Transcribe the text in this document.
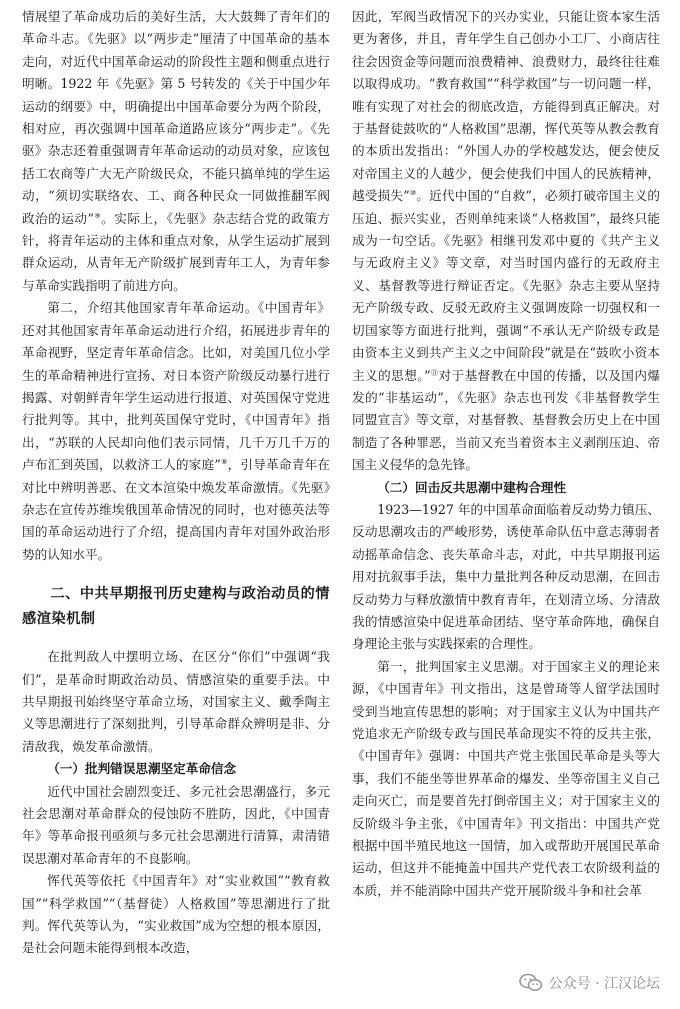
情展望了革命成功后的美好生活，大大鼓舞了青年们的革命斗志。《先驱》以“两步走”厘清了中国革命的基本走向，对近代中国革命运动的阶段性主题和侧重点进行明晰。1922 年《先驱》第 5 号转发的《关于中国少年运动的纲要》中，明确提出中国革命要分为两个阶段，相对应，再次强调中国革命道路应该分“两步走”。《先驱》杂志还着重强调青年革命运动的动员对象，应该包括工农商等广大无产阶级民众，不能只搞单纯的学生运动，“须切实联络农、工、商各种民众一同做推翻军阀政治的运动”⑨。实际上，《先驱》杂志结合党的政策方针，将青年运动的主体和重点对象，从学生运动扩展到群众运动，从青年无产阶级扩展到青年工人，为青年参与革命实践指明了前进方向。

第二，介绍其他国家青年革命运动。《中国青年》还对其他国家青年革命运动进行介绍，拓展进步青年的革命视野，坚定青年革命信念。比如，对美国几位小学生的革命精神进行宣扬、对日本资产阶级反动暴行进行揭露、对朝鲜青年学生运动进行报道、对英国保守党进行批判等。其中，批判英国保守党时，《中国青年》指出，“苏联的人民却向他们表示同情，几千万几千万的卢布汇到英国，以救济工人的家庭”⑧，引导革命青年在对比中辨明善恶、在文本渲染中焕发革命激情。《先驱》杂志在宣传苏维埃俄国革命情况的同时，也对德英法等国的革命运动进行了介绍，提高国内青年对国外政治形势的认知水平。

二、中共早期报刊历史建构与政治动员的情感渲染机制

在批判敌人中摆明立场、在区分“你们”中强调“我们”，是革命时期政治动员、情感渲染的重要手法。中共早期报刊始终坚守革命立场，对国家主义、戴季陶主义等思潮进行了深刻批判，引导革命群众辨明是非、分清敌我，焕发革命激情。

（一）批判错误思潮坚定革命信念

近代中国社会剧烈变迁、多元社会思潮盛行，多元社会思潮对革命群众的侵蚀防不胜防，因此，《中国青年》等革命报刊亟须与多元社会思潮进行清算，肃清错误思潮对革命青年的不良影响。

恽代英等依托《中国青年》对“实业救国”“教育救国”“科学救国”“（基督徒）人格救国”等思潮进行了批判。恽代英等认为，“实业救国”成为空想的根本原因，是社会问题未能得到根本改造，

因此，军阀当政情况下的兴办实业，只能让资本家生活更为奢侈，并且，青年学生自己创办小工厂、小商店往往会因资金等问题而浪费精神、浪费财力，最终往往难以取得成功。“教育救国”“科学救国”与一切问题一样，唯有实现了对社会的彻底改造，方能得到真正解决。对于基督徒鼓吹的“人格救国”思潮，恽代英等从教会教育的本质出发指出：“外国人办的学校越发达，便会使反对帝国主义的人越少，便会使我们中国人的民族精神，越受损失”⑩。近代中国的“自救”，必须打破帝国主义的压迫、振兴实业，否则单纯来谈“人格救国”，最终只能成为一句空话。《先驱》相继刊发邓中夏的《共产主义与无政府主义》等文章，对当时国内盛行的无政府主义、基督教等进行辩证否定。《先驱》杂志主要从坚持无产阶级专政、反驳无政府主义强调废除一切强权和一切国家等方面进行批判，强调“不承认无产阶级专政是由资本主义到共产主义之中间阶段”就是在“鼓吹小资本主义的思想。”⑪对于基督教在中国的传播，以及国内爆发的“非基运动”，《先驱》杂志也刊发《非基督教学生同盟宣言》等文章，对基督教、基督教会历史上在中国制造了各种罪恶，当前又充当着资本主义剥削压迫、帝国主义侵华的急先锋。

（二）回击反共思潮中建构合理性

1923—1927 年的中国革命面临着反动势力镇压、反动思潮攻击的严峻形势，诱使革命队伍中意志薄弱者动摇革命信念、丧失革命斗志，对此，中共早期报刊运用对抗叙事手法，集中力量批判各种反动思潮，在回击反动势力与释放激情中教育青年，在划清立场、分清敌我的情感渲染中促进革命团结、坚守革命阵地，确保自身理论主张与实践探索的合理性。

第一，批判国家主义思潮。对于国家主义的理论来源，《中国青年》刊文指出，这是曾琦等人留学法国时受到当地宣传思想的影响；对于国家主义认为中国共产党追求无产阶级专政与国民革命现实不符的反共主张，《中国青年》强调：中国共产党主张国民革命是头等大事，我们不能坐等世界革命的爆发、坐等帝国主义自己走向灭亡，而是要首先打倒帝国主义；对于国家主义的反阶级斗争主张，《中国青年》刊文指出：中国共产党根据中国半殖民地这一国情，加入或帮助开展国民革命运动，但这并不能掩盖中国共产党代表工农阶级利益的本质，并不能消除中国共产党开展阶级斗争和社会革

公众号 · 江汉论坛
